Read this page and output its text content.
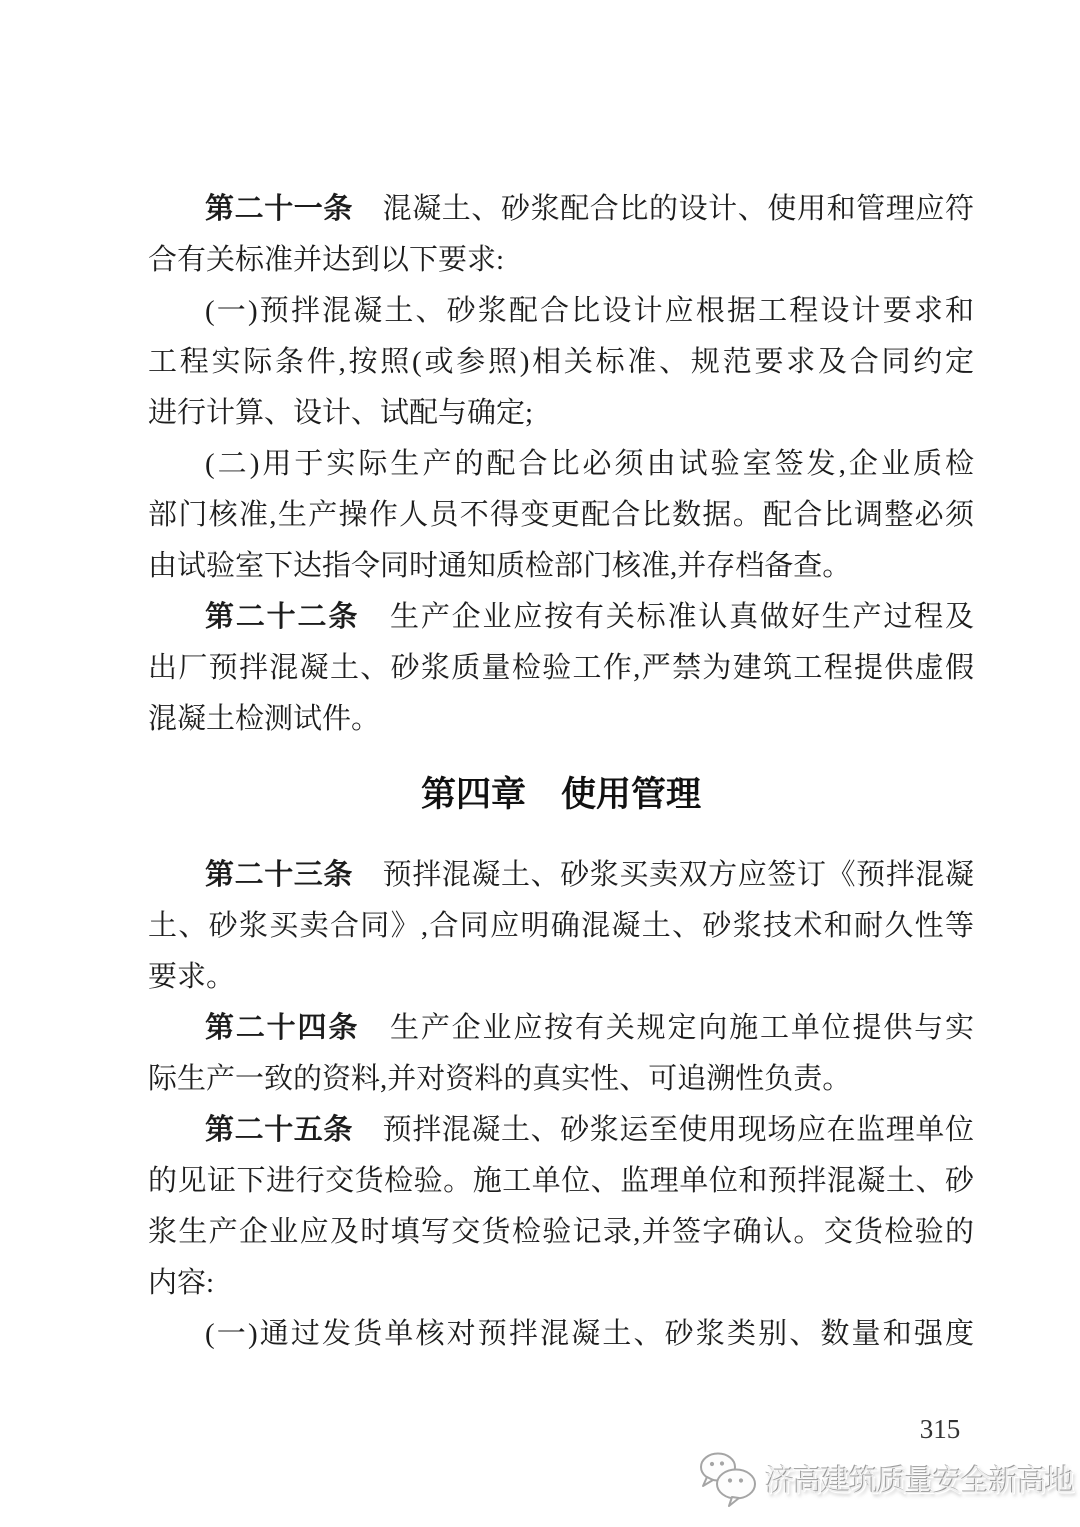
第二十一条　混凝土、砂浆配合比的设计、使用和管理应符
合有关标准并达到以下要求:
(一)预拌混凝土、砂浆配合比设计应根据工程设计要求和
工程实际条件,按照(或参照)相关标准、规范要求及合同约定
进行计算、设计、试配与确定;
(二)用于实际生产的配合比必须由试验室签发,企业质检
部门核准,生产操作人员不得变更配合比数据。配合比调整必须
由试验室下达指令同时通知质检部门核准,并存档备查。
第二十二条　生产企业应按有关标准认真做好生产过程及
出厂预拌混凝土、砂浆质量检验工作,严禁为建筑工程提供虚假
混凝土检测试件。
第四章　使用管理
第二十三条　预拌混凝土、砂浆买卖双方应签订《预拌混凝
土、砂浆买卖合同》,合同应明确混凝土、砂浆技术和耐久性等
要求。
第二十四条　生产企业应按有关规定向施工单位提供与实
际生产一致的资料,并对资料的真实性、可追溯性负责。
第二十五条　预拌混凝土、砂浆运至使用现场应在监理单位
的见证下进行交货检验。施工单位、监理单位和预拌混凝土、砂
浆生产企业应及时填写交货检验记录,并签字确认。交货检验的
内容:
(一)通过发货单核对预拌混凝土、砂浆类别、数量和强度
315
济高建筑质量安全新高地
